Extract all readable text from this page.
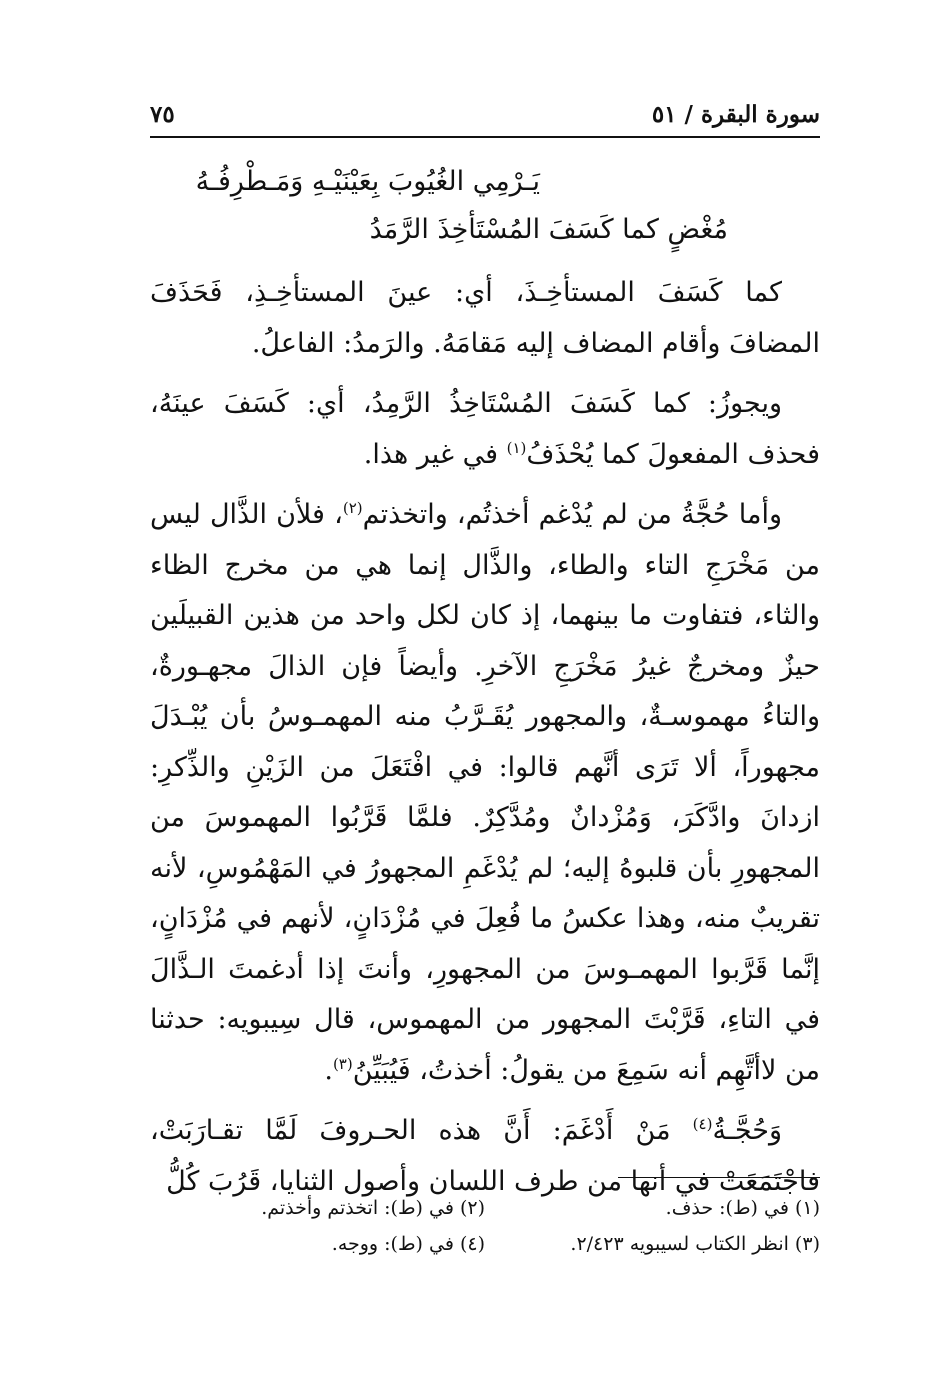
سورة البقرة / ٥١
٧٥
يَـرْمِي الغُيُوبَ بِعَيْنَيْـهِ وَمَـطْرِفُـهُ
مُغْضٍ كما كَسَفَ المُسْتَأخِذَ الرَّمَدُ

كما كَسَفَ المستأخِـذَ، أي: عينَ المستأخِـذِ، فَحَذَفَ المضافَ وأقام المضاف إليه مَقامَهُ. والرَمدُ: الفاعلُ.

ويجوزُ: كما كَسَفَ المُسْتَاخِذُ الرَّمِدُ، أي: كَسَفَ عينَهُ، فحذف المفعولَ كما يُحْذَفُ$^{(١)}$ في غير هذا.

وأما حُجَّةُ من لم يُدْغم أخذتُم، واتخذتم$^{(٢)}$، فلأن الذَّال ليس من مَخْرَجِ التاء والطاء، والذَّال إنما هي من مخرج الظاء والثاء، فتفاوت ما بينهما، إذ كان لكل واحد من هذين القبيلَين حيزٌ ومخرجٌ غيرُ مَخْرَجِ الآخرِ. وأيضاً فإن الذالَ مجهـورةٌ، والتاءُ مهموسـةٌ، والمجهور يُقَـرَّبُ منه المهمـوسُ بأن يُبْـدَلَ مجهوراً، ألا تَرَى أنَّهم قالوا: في افْتَعَلَ من الزَيْنِ والذِّكرِ: ازدانَ وادَّكَرَ، وَمُزْدانٌ ومُدَّكِرٌ. فلمَّا قَرَّبُوا المهموسَ من المجهورِ بأن قلبوهُ إليه؛ لم يُدْغَمِ المجهورُ في المَهْمُوسِ، لأنه تقريبٌ منه، وهذا عكسُ ما فُعِلَ في مُزْدَانٍ، لأنهم في مُزْدَانٍ، إنَّما قَرَّبوا المهمـوسَ من المجهورِ، وأنتَ إذا أدغمتَ الـذَّالَ في التاءِ، قَرَّبْتَ المجهور من المهموس، قال سِيبويه: حدثنا من لاأتَّهِم أنه سَمِعَ من يقولُ: أخذتُ، فَيُبَيِّنُ$^{(٣)}$.

وَحُجَّـةُ$^{(٤)}$ مَنْ أَدْغَمَ: أَنَّ هذه الحـروفَ لَمَّا تقـارَبَتْ، فاجْتَمَعَتْ في أنها من طرف اللسان وأصول الثنايا، قَرُبَ كُلُّ

(١) في (ط): حذف.
(٢) في (ط): اتخذتم وأخذتم.
(٣) انظر الكتاب لسيبويه ٢/٤٢٣.
(٤) في (ط): ووجه.
